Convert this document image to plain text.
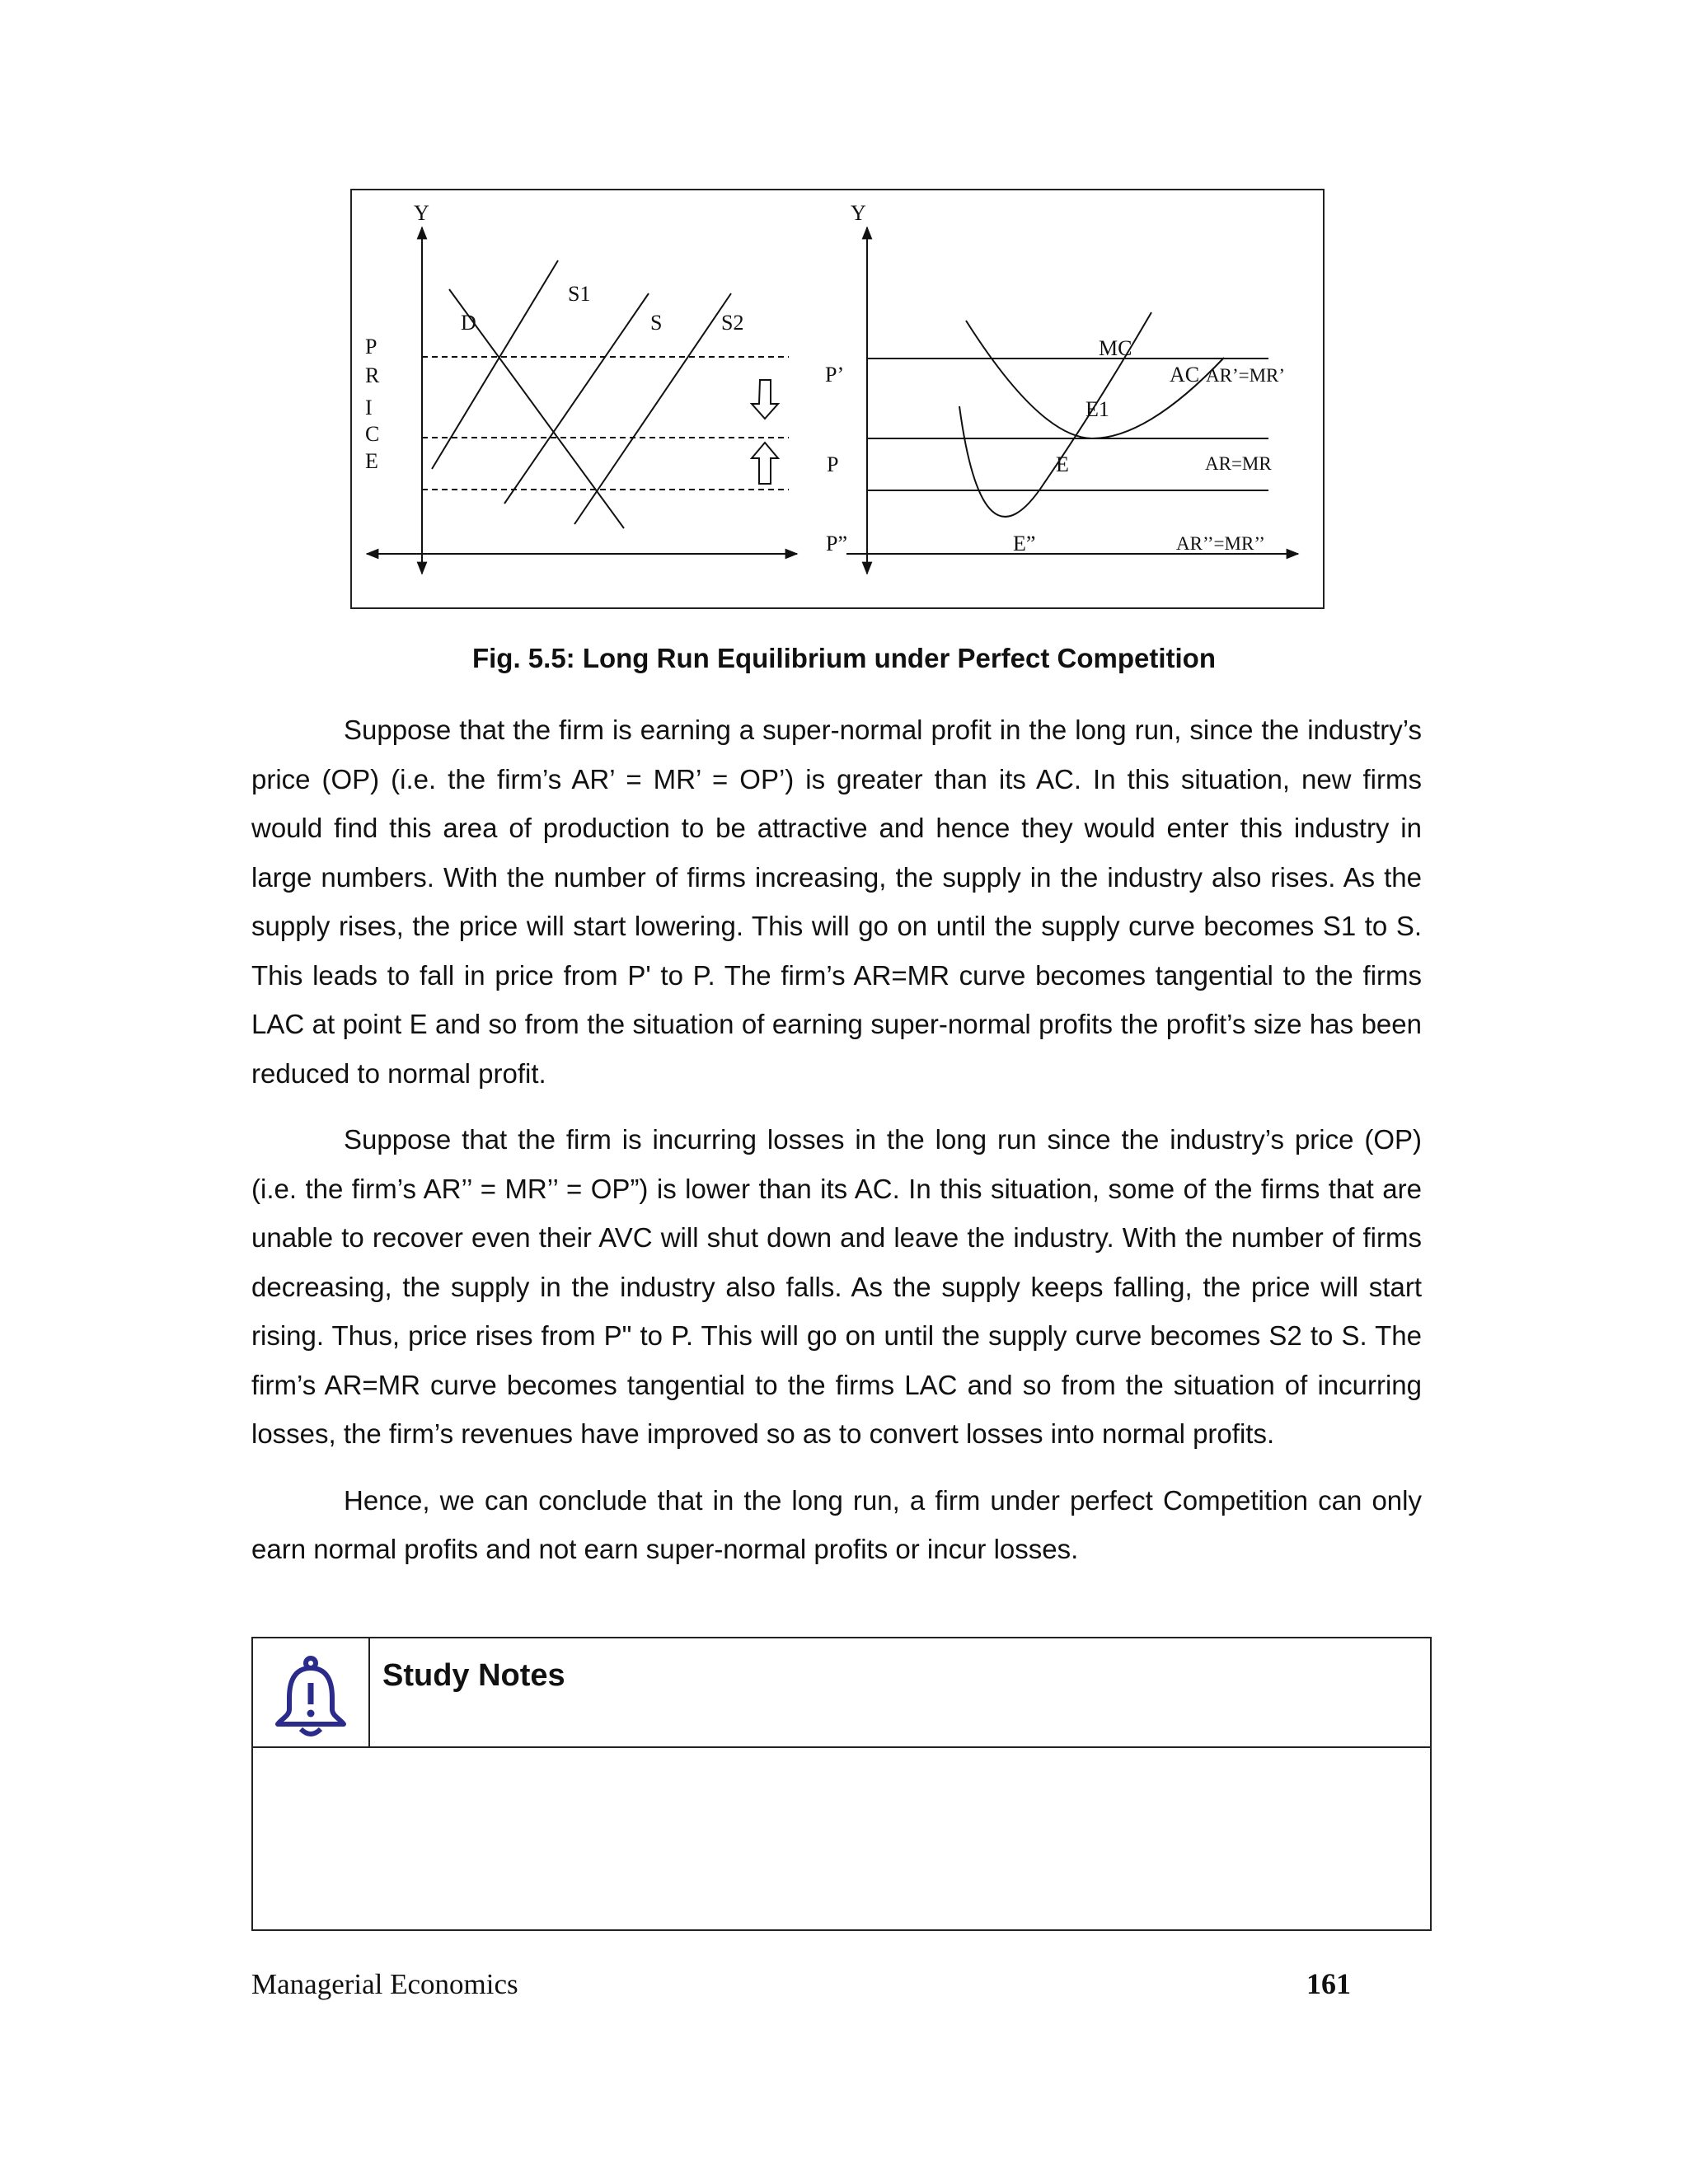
Y
P
R
I
C
E
D
S1
S	S2
Y
P’
P
P”
MC
AC
E1
E
E”
AR’=MR’
AR=MR
AR’’=MR’’
Fig. 5.5: Long Run Equilibrium under Perfect Competition

Suppose that the firm is earning a super-normal profit in the long run, since the industry’s price (OP) (i.e. the firm’s AR’ = MR’ = OP’) is greater than its AC. In this situation, new firms would find this area of production to be attractive and hence they would enter this industry in large numbers. With the number of firms increasing, the supply in the industry also rises. As the supply rises, the price will start lowering. This will go on until the supply curve becomes S1 to S. This leads to fall in price from P' to P. The firm’s AR=MR curve becomes tangential to the firms LAC at point E and so from the situation of earning super-normal profits the profit’s size has been reduced to normal profit.

Suppose that the firm is incurring losses in the long run since the industry’s price (OP) (i.e. the firm’s AR’’ = MR’’ = OP”) is lower than its AC. In this situation, some of the firms that are unable to recover even their AVC will shut down and leave the industry. With the number of firms decreasing, the supply in the industry also falls. As the supply keeps falling, the price will start rising. Thus, price rises from P" to P. This will go on until the supply curve becomes S2 to S. The firm’s AR=MR curve becomes tangential to the firms LAC and so from the situation of incurring losses, the firm’s revenues have improved so as to convert losses into normal profits.

Hence, we can conclude that in the long run, a firm under perfect Competition can only earn normal profits and not earn super-normal profits or incur losses.

Study Notes
Managerial Economics	161
